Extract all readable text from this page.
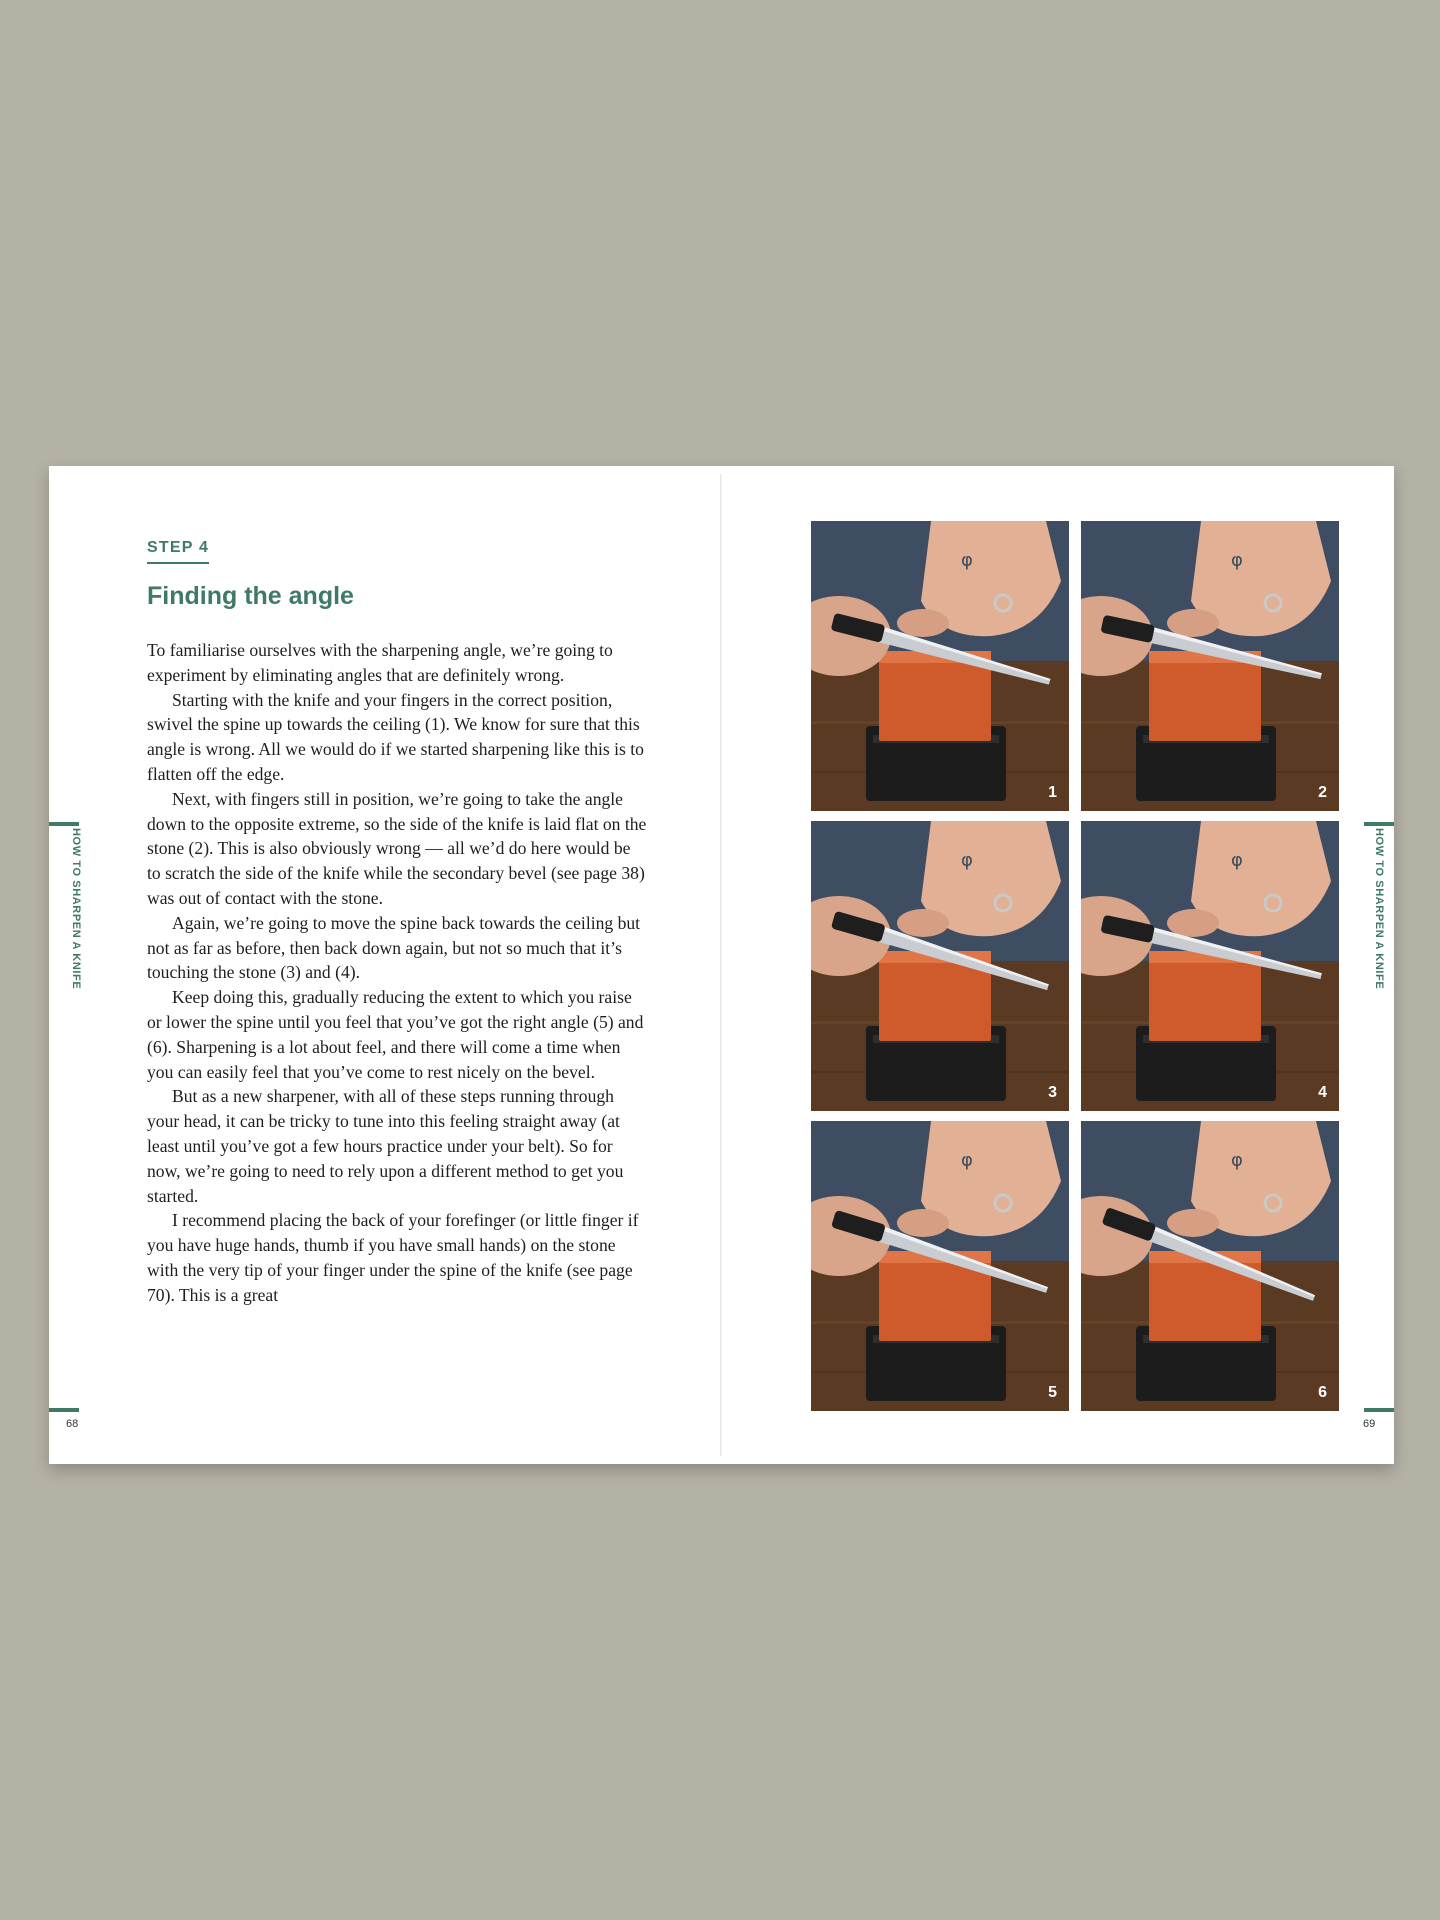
STEP 4
Finding the angle

To familiarise ourselves with the sharpening angle, we’re going to experiment by eliminating angles that are definitely wrong.

Starting with the knife and your fingers in the correct position, swivel the spine up towards the ceiling (1). We know for sure that this angle is wrong. All we would do if we started sharpening like this is to flatten off the edge.

Next, with fingers still in position, we’re going to take the angle down to the opposite extreme, so the side of the knife is laid flat on the stone (2). This is also obviously wrong — all we’d do here would be to scratch the side of the knife while the secondary bevel (see page 38) was out of contact with the stone.

Again, we’re going to move the spine back towards the ceiling but not as far as before, then back down again, but not so much that it’s touching the stone (3) and (4).

Keep doing this, gradually reducing the extent to which you raise or lower the spine until you feel that you’ve got the right angle (5) and (6). Sharpening is a lot about feel, and there will come a time when you can easily feel that you’ve come to rest nicely on the bevel.

But as a new sharpener, with all of these steps running through your head, it can be tricky to tune into this feeling straight away (at least until you’ve got a few hours practice under your belt). So for now, we’re going to need to rely upon a different method to get you started.

I recommend placing the back of your forefinger (or little finger if you have huge hands, thumb if you have small hands) on the stone with the very tip of your finger under the spine of the knife (see page 70). This is a great

HOW TO SHARPEN A KNIFE
68
φ
1
φ
2
φ
3
φ
4
φ
5
φ
6
HOW TO SHARPEN A KNIFE
69
